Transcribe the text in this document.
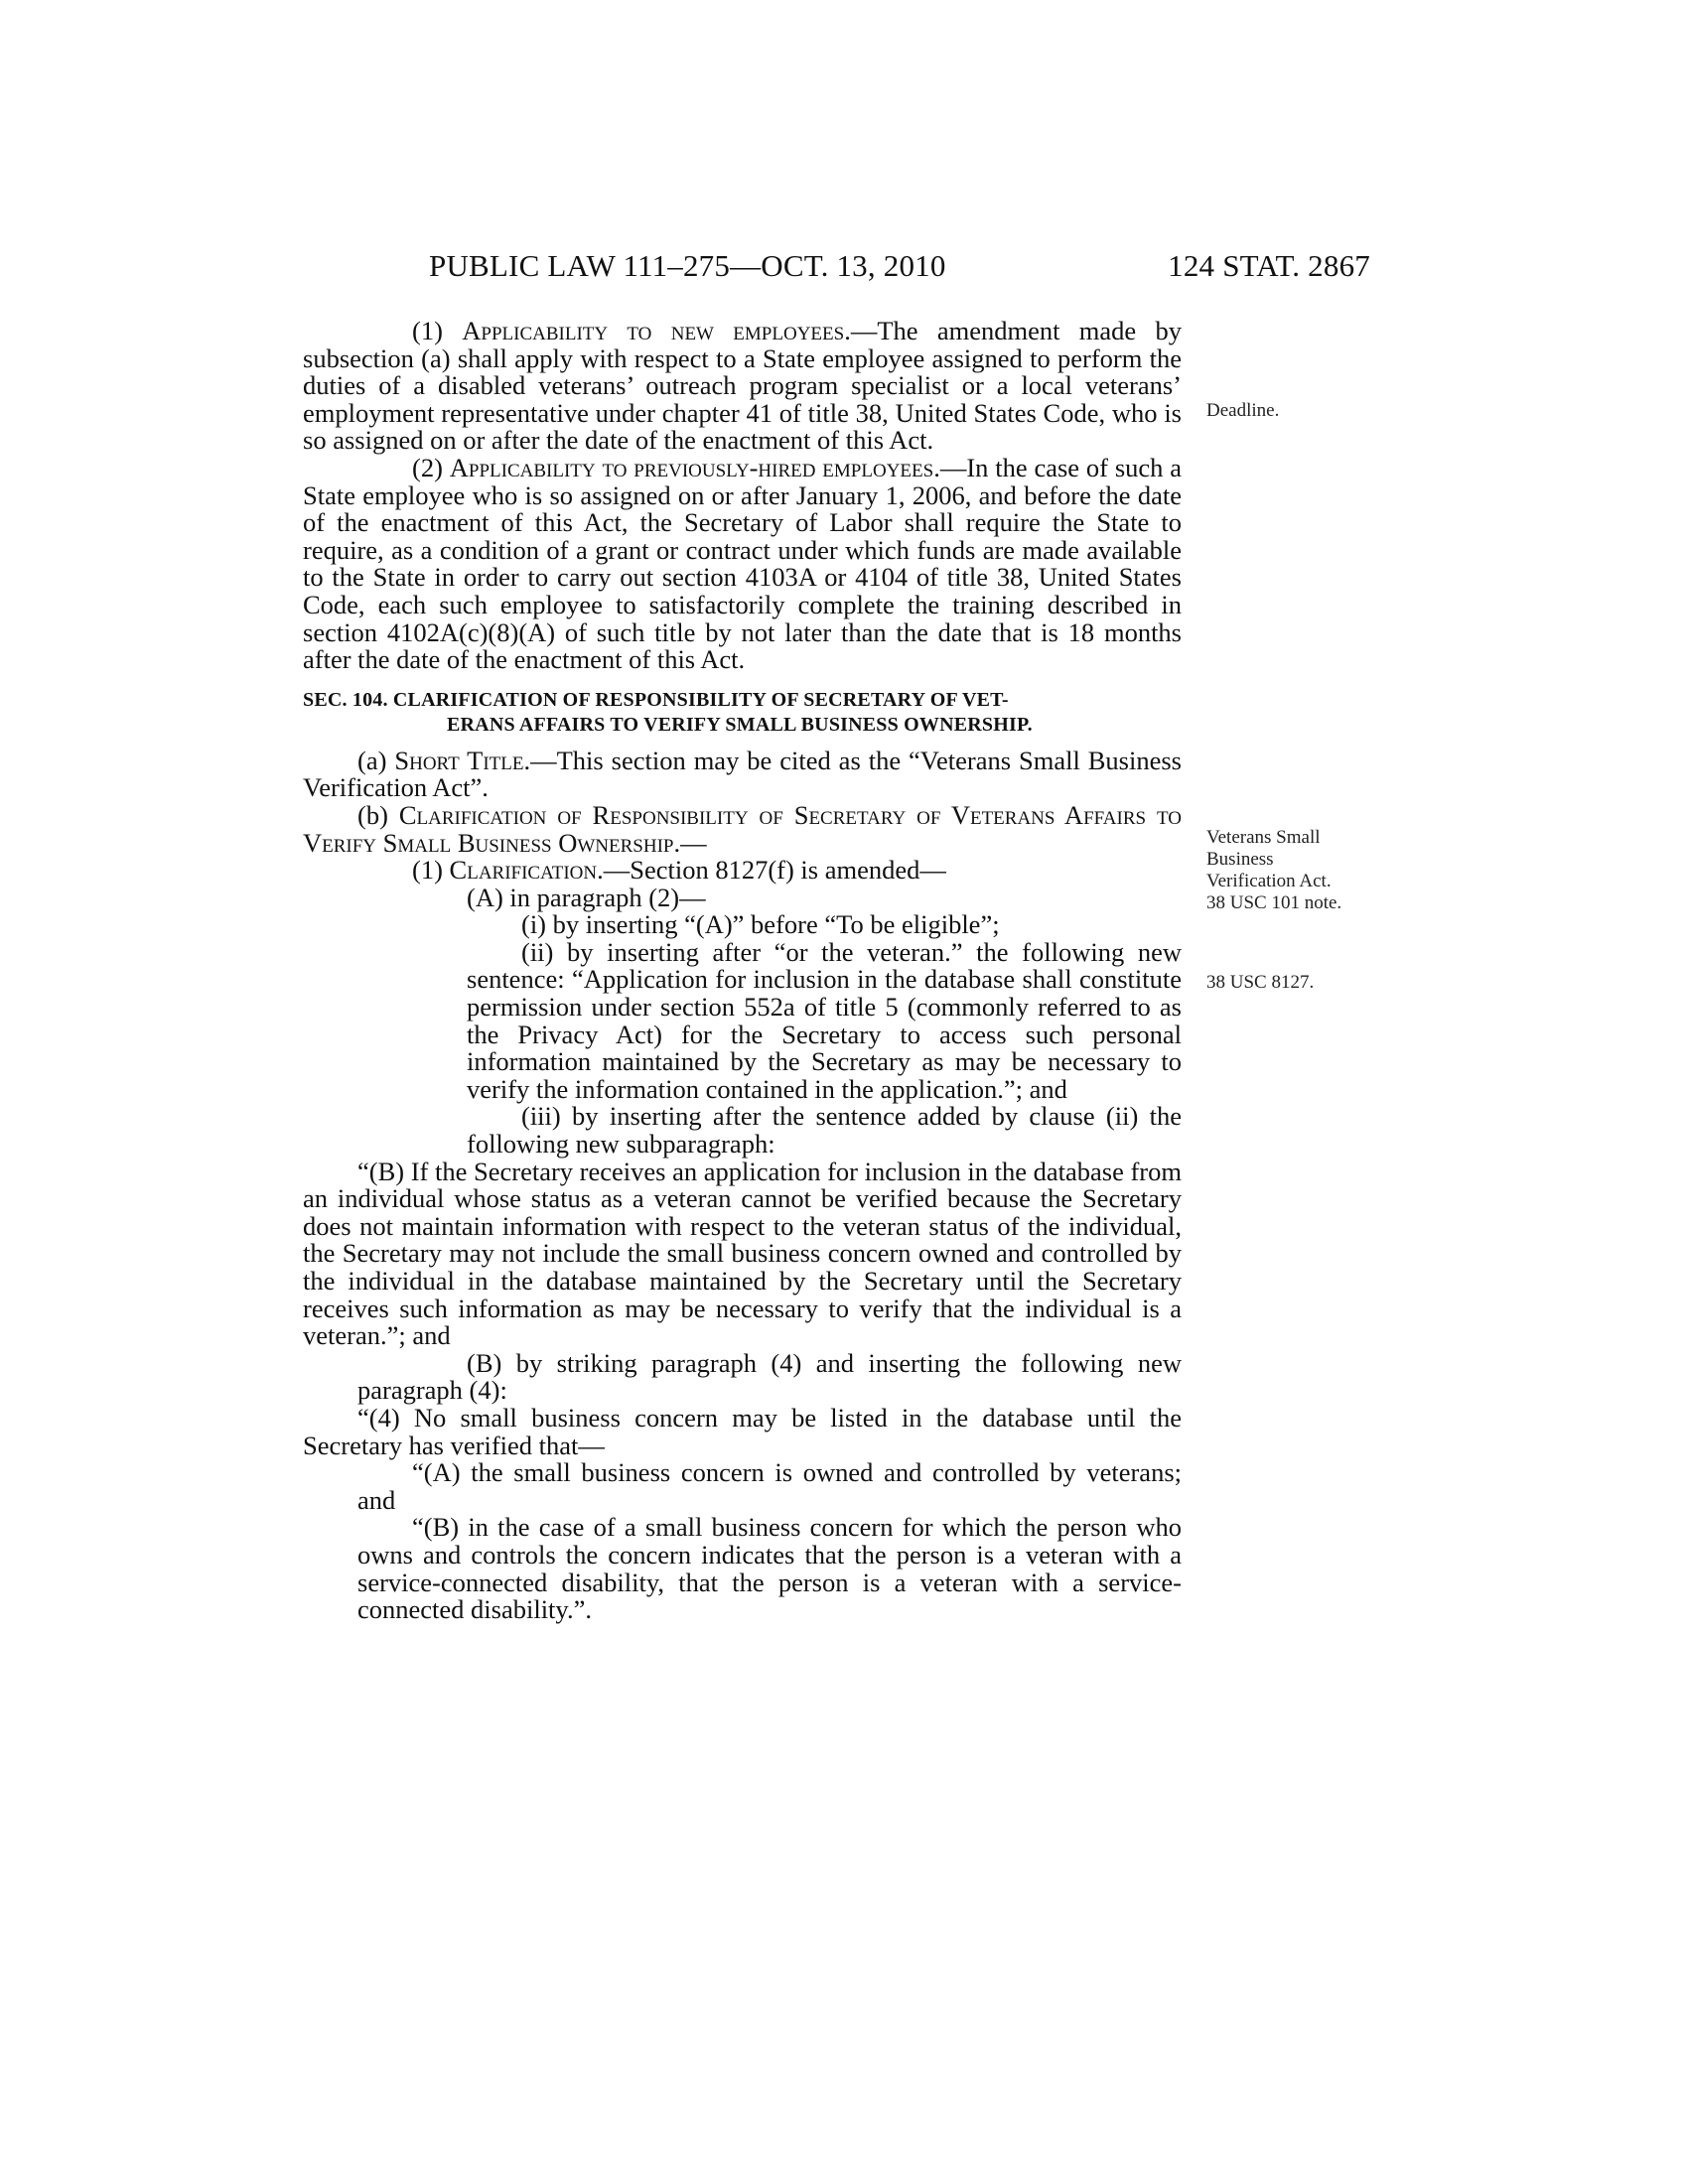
PUBLIC LAW 111–275—OCT. 13, 2010	124 STAT. 2867

(1) Applicability to new employees.—The amendment made by subsection (a) shall apply with respect to a State employee assigned to perform the duties of a disabled veterans’ outreach program specialist or a local veterans’ employment representative under chapter 41 of title 38, United States Code, who is so assigned on or after the date of the enactment of this Act.

(2) Applicability to previously-hired employees.—In the case of such a State employee who is so assigned on or after January 1, 2006, and before the date of the enactment of this Act, the Secretary of Labor shall require the State to require, as a condition of a grant or contract under which funds are made available to the State in order to carry out section 4103A or 4104 of title 38, United States Code, each such employee to satisfactorily complete the training described in section 4102A(c)(8)(A) of such title by not later than the date that is 18 months after the date of the enactment of this Act.

SEC. 104. CLARIFICATION OF RESPONSIBILITY OF SECRETARY OF VET-
ERANS AFFAIRS TO VERIFY SMALL BUSINESS OWNERSHIP.

(a) Short Title.—This section may be cited as the “Veterans Small Business Verification Act”.

(b) Clarification of Responsibility of Secretary of Veterans Affairs to Verify Small Business Ownership.—

(1) Clarification.—Section 8127(f) is amended—

(A) in paragraph (2)—

(i) by inserting “(A)” before “To be eligible”;

(ii) by inserting after “or the veteran.” the following new sentence: “Application for inclusion in the database shall constitute permission under section 552a of title 5 (commonly referred to as the Privacy Act) for the Secretary to access such personal information maintained by the Secretary as may be necessary to verify the information contained in the application.”; and

(iii) by inserting after the sentence added by clause (ii) the following new subparagraph:

“(B) If the Secretary receives an application for inclusion in the database from an individual whose status as a veteran cannot be verified because the Secretary does not maintain information with respect to the veteran status of the individual, the Secretary may not include the small business concern owned and controlled by the individual in the database maintained by the Secretary until the Secretary receives such information as may be necessary to verify that the individual is a veteran.”; and

(B) by striking paragraph (4) and inserting the following new paragraph (4):

“(4) No small business concern may be listed in the database until the Secretary has verified that—

“(A) the small business concern is owned and controlled by veterans; and

“(B) in the case of a small business concern for which the person who owns and controls the concern indicates that the person is a veteran with a service-connected disability, that the person is a veteran with a service-connected disability.”.

Deadline.
Veterans Small
Business
Verification Act.
38 USC 101 note.
38 USC 8127.
